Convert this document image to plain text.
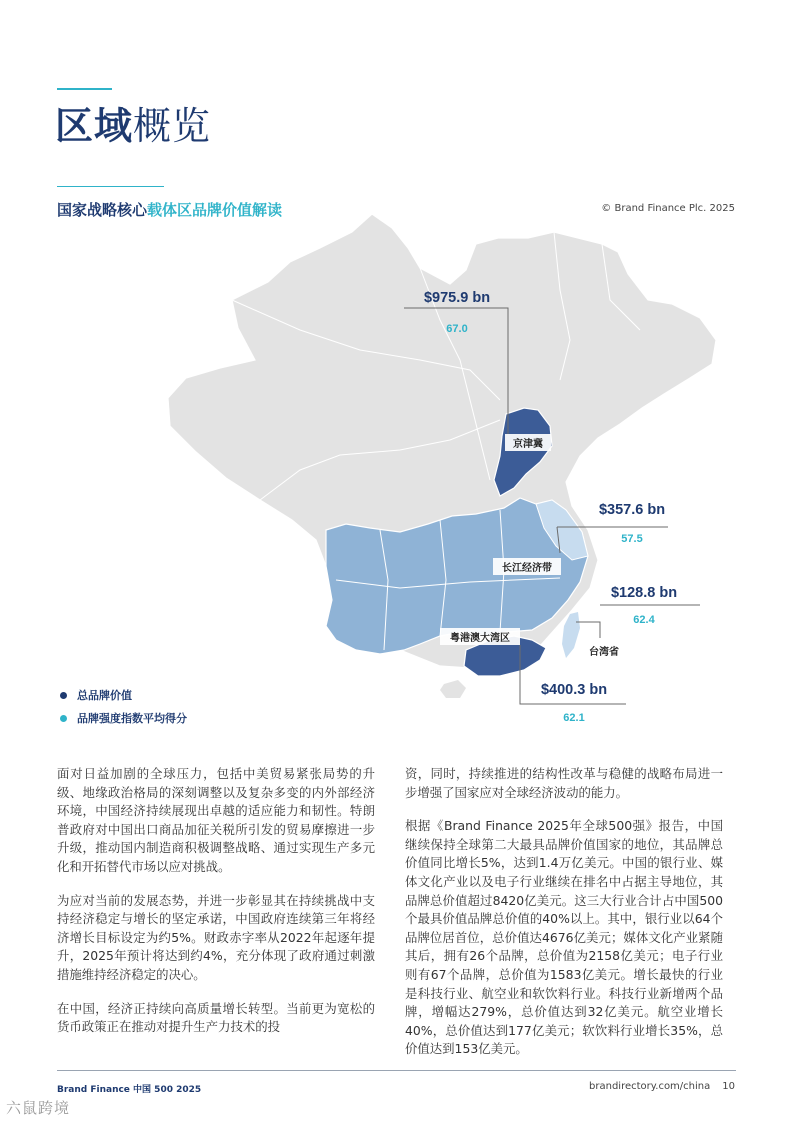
区域概览
国家战略核心载体区品牌价值解读	© Brand Finance Plc. 2025
$975.9 bn
67.0
$357.6 bn
57.5
$128.8 bn
62.4
$400.3 bn
62.1
京津冀
长江经济带
台湾省
粤港澳大湾区
总品牌价值
品牌强度指数平均得分

面对日益加剧的全球压力，包括中美贸易紧张局势的升级、地缘政治格局的深刻调整以及复杂多变的内外部经济环境，中国经济持续展现出卓越的适应能力和韧性。特朗普政府对中国出口商品加征关税所引发的贸易摩擦进一步升级，推动国内制造商积极调整战略、通过实现生产多元化和开拓替代市场以应对挑战。

为应对当前的发展态势，并进一步彰显其在持续挑战中支持经济稳定与增长的坚定承诺，中国政府连续第三年将经济增长目标设定为约5%。财政赤字率从2022年起逐年提升，2025年预计将达到约4%，充分体现了政府通过刺激措施维持经济稳定的决心。

在中国，经济正持续向高质量增长转型。当前更为宽松的货币政策正在推动对提升生产力技术的投

资，同时，持续推进的结构性改革与稳健的战略布局进一步增强了国家应对全球经济波动的能力。

根据《Brand Finance 2025年全球500强》报告，中国继续保持全球第二大最具品牌价值国家的地位，其品牌总价值同比增长5%，达到1.4万亿美元。中国的银行业、媒体文化产业以及电子行业继续在排名中占据主导地位，其品牌总价值超过8420亿美元。这三大行业合计占中国500个最具价值品牌总价值的40%以上。其中，银行业以64个品牌位居首位，总价值达4676亿美元；媒体文化产业紧随其后，拥有26个品牌，总价值为2158亿美元；电子行业则有67个品牌，总价值为1583亿美元。增长最快的行业是科技行业、航空业和软饮料行业。科技行业新增两个品牌，增幅达279%，总价值达到32亿美元。航空业增长40%，总价值达到177亿美元；软饮料行业增长35%，总价值达到153亿美元。

Brand Finance 中国 500 2025	brandirectory.com/china 10
六鼠跨境
